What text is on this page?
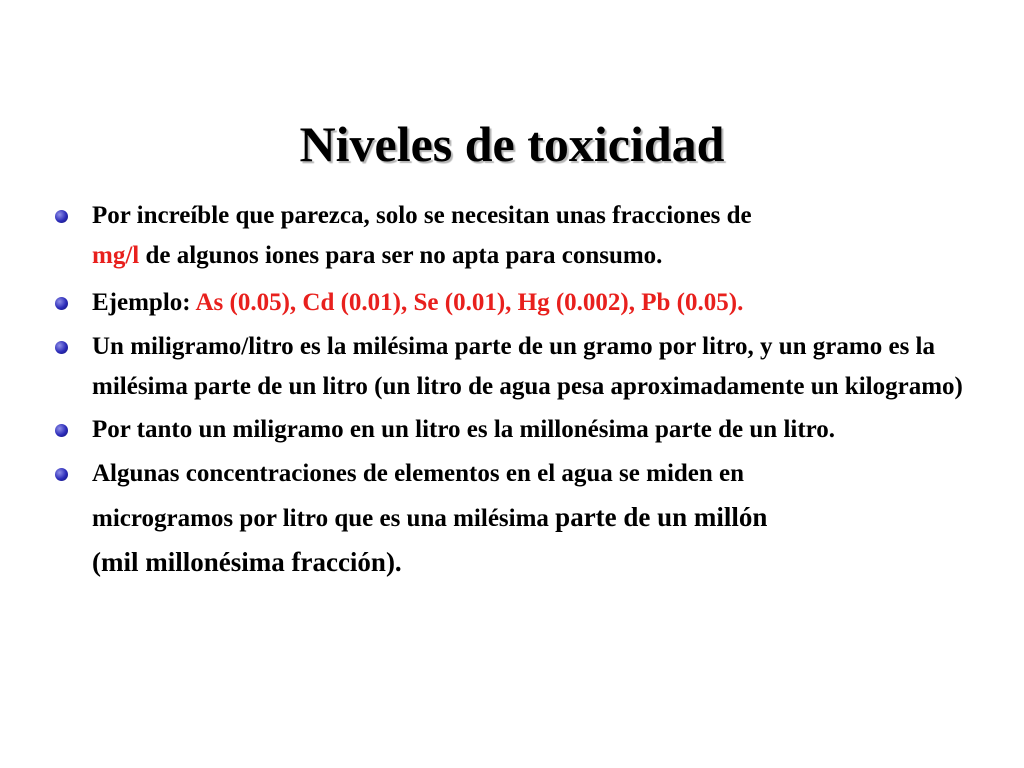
Niveles de toxicidad
Por increíble que parezca, solo se necesitan unas fracciones de
mg/l de algunos iones para ser no apta para consumo.
Ejemplo: As (0.05), Cd (0.01), Se (0.01), Hg (0.002), Pb (0.05).
Un miligramo/litro es la milésima parte de un gramo por litro, y un gramo es la milésima parte de un litro (un litro de agua pesa aproximadamente un kilogramo)
Por tanto un miligramo en un litro es la millonésima parte de un litro.
Algunas concentraciones de elementos en el agua se miden en
microgramos por litro que es una milésima parte de un millón
(mil millonésima fracción).
